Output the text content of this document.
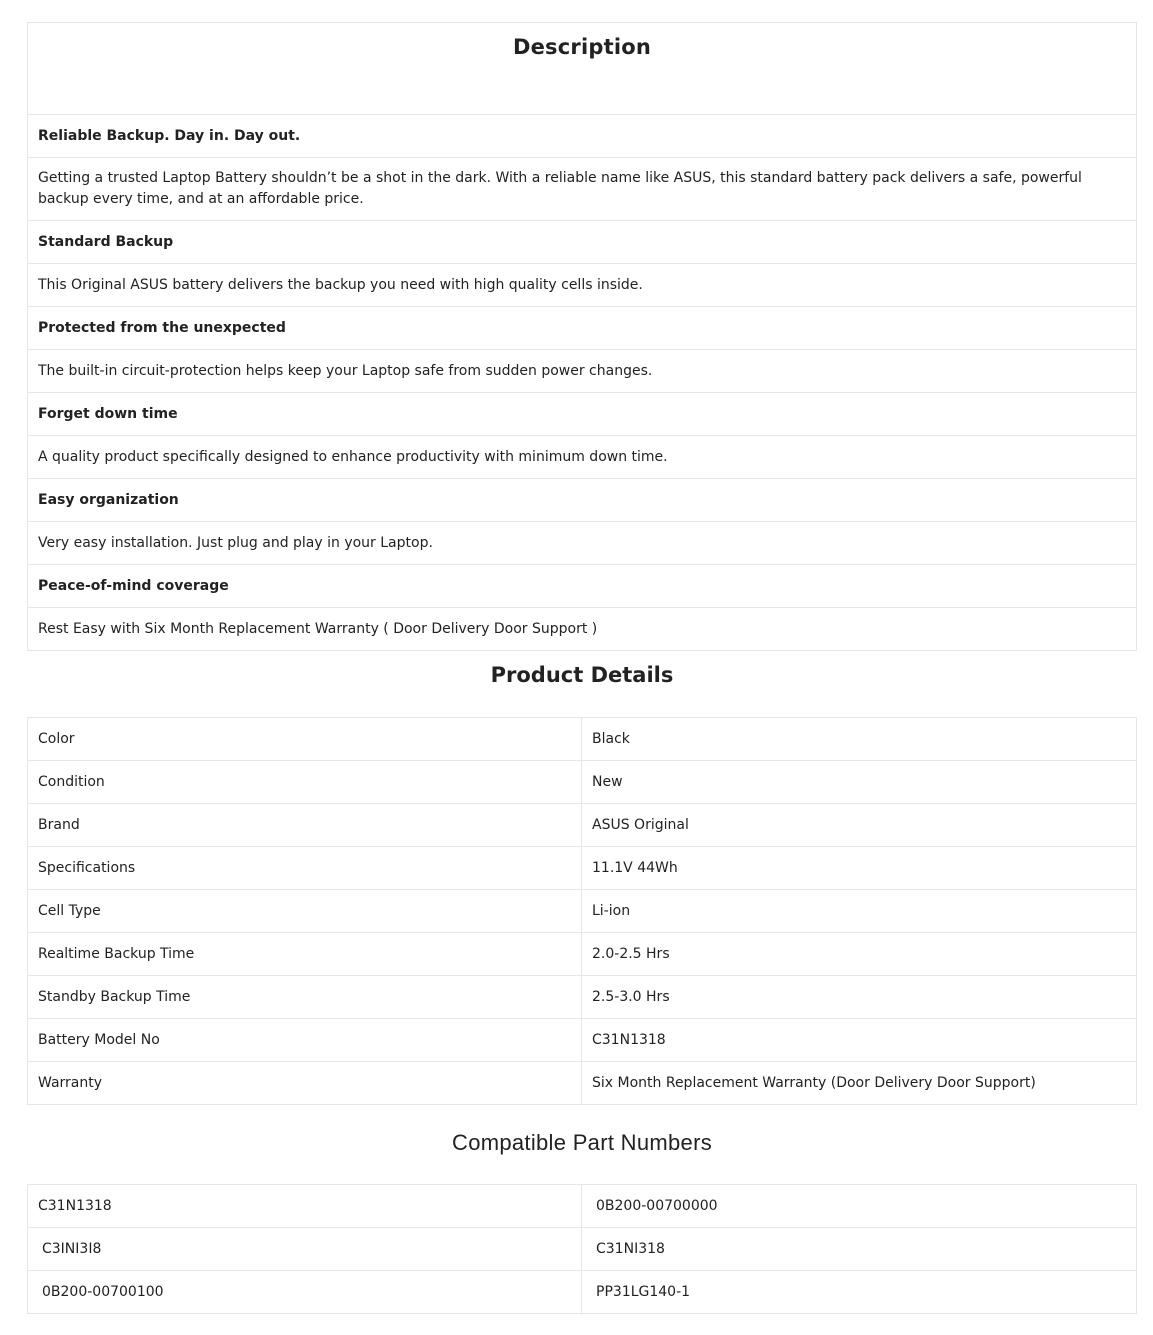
Description
Reliable Backup. Day in. Day out.
Getting a trusted Laptop Battery shouldn’t be a shot in the dark. With a reliable name like ASUS, this standard battery pack delivers a safe, powerful backup every time, and at an affordable price.
Standard Backup
This Original ASUS battery delivers the backup you need with high quality cells inside.
Protected from the unexpected
The built-in circuit-protection helps keep your Laptop safe from sudden power changes.
Forget down time
A quality product specifically designed to enhance productivity with minimum down time.
Easy organization
Very easy installation. Just plug and play in your Laptop.
Peace-of-mind coverage
Rest Easy with Six Month Replacement Warranty ( Door Delivery Door Support )
Product Details
Color	Black
Condition	New
Brand	ASUS Original
Specifications	11.1V 44Wh
Cell Type	Li-ion
Realtime Backup Time	2.0-2.5 Hrs
Standby Backup Time	2.5-3.0 Hrs
Battery Model No	C31N1318
Warranty	Six Month Replacement Warranty (Door Delivery Door Support)
Compatible Part Numbers
C31N1318	0B200-00700000
C3INI3I8	C31NI318
0B200-00700100	PP31LG140-1
